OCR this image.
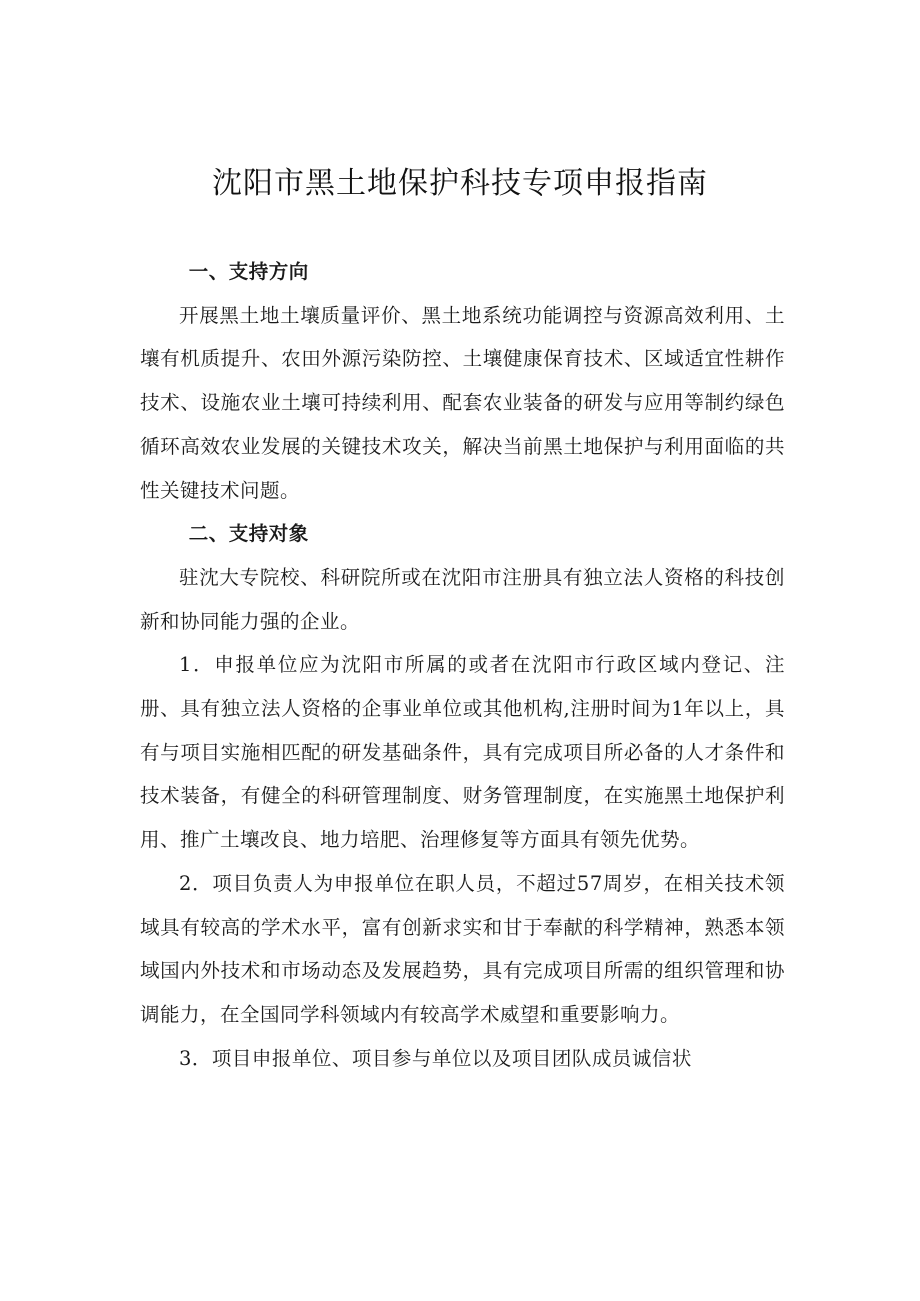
沈阳市黑土地保护科技专项申报指南
一、支持方向

开展黑土地土壤质量评价、黑土地系统功能调控与资源高效利用、土壤有机质提升、农田外源污染防控、土壤健康保育技术、区域适宜性耕作技术、设施农业土壤可持续利用、配套农业装备的研发与应用等制约绿色循环高效农业发展的关键技术攻关，解决当前黑土地保护与利用面临的共性关键技术问题。

二、支持对象

驻沈大专院校、科研院所或在沈阳市注册具有独立法人资格的科技创新和协同能力强的企业。

1．申报单位应为沈阳市所属的或者在沈阳市行政区域内登记、注册、具有独立法人资格的企事业单位或其他机构,注册时间为1年以上，具有与项目实施相匹配的研发基础条件，具有完成项目所必备的人才条件和技术装备，有健全的科研管理制度、财务管理制度，在实施黑土地保护利用、推广土壤改良、地力培肥、治理修复等方面具有领先优势。

2．项目负责人为申报单位在职人员，不超过57周岁，在相关技术领域具有较高的学术水平，富有创新求实和甘于奉献的科学精神，熟悉本领域国内外技术和市场动态及发展趋势，具有完成项目所需的组织管理和协调能力，在全国同学科领域内有较高学术威望和重要影响力。

3．项目申报单位、项目参与单位以及项目团队成员诚信状
